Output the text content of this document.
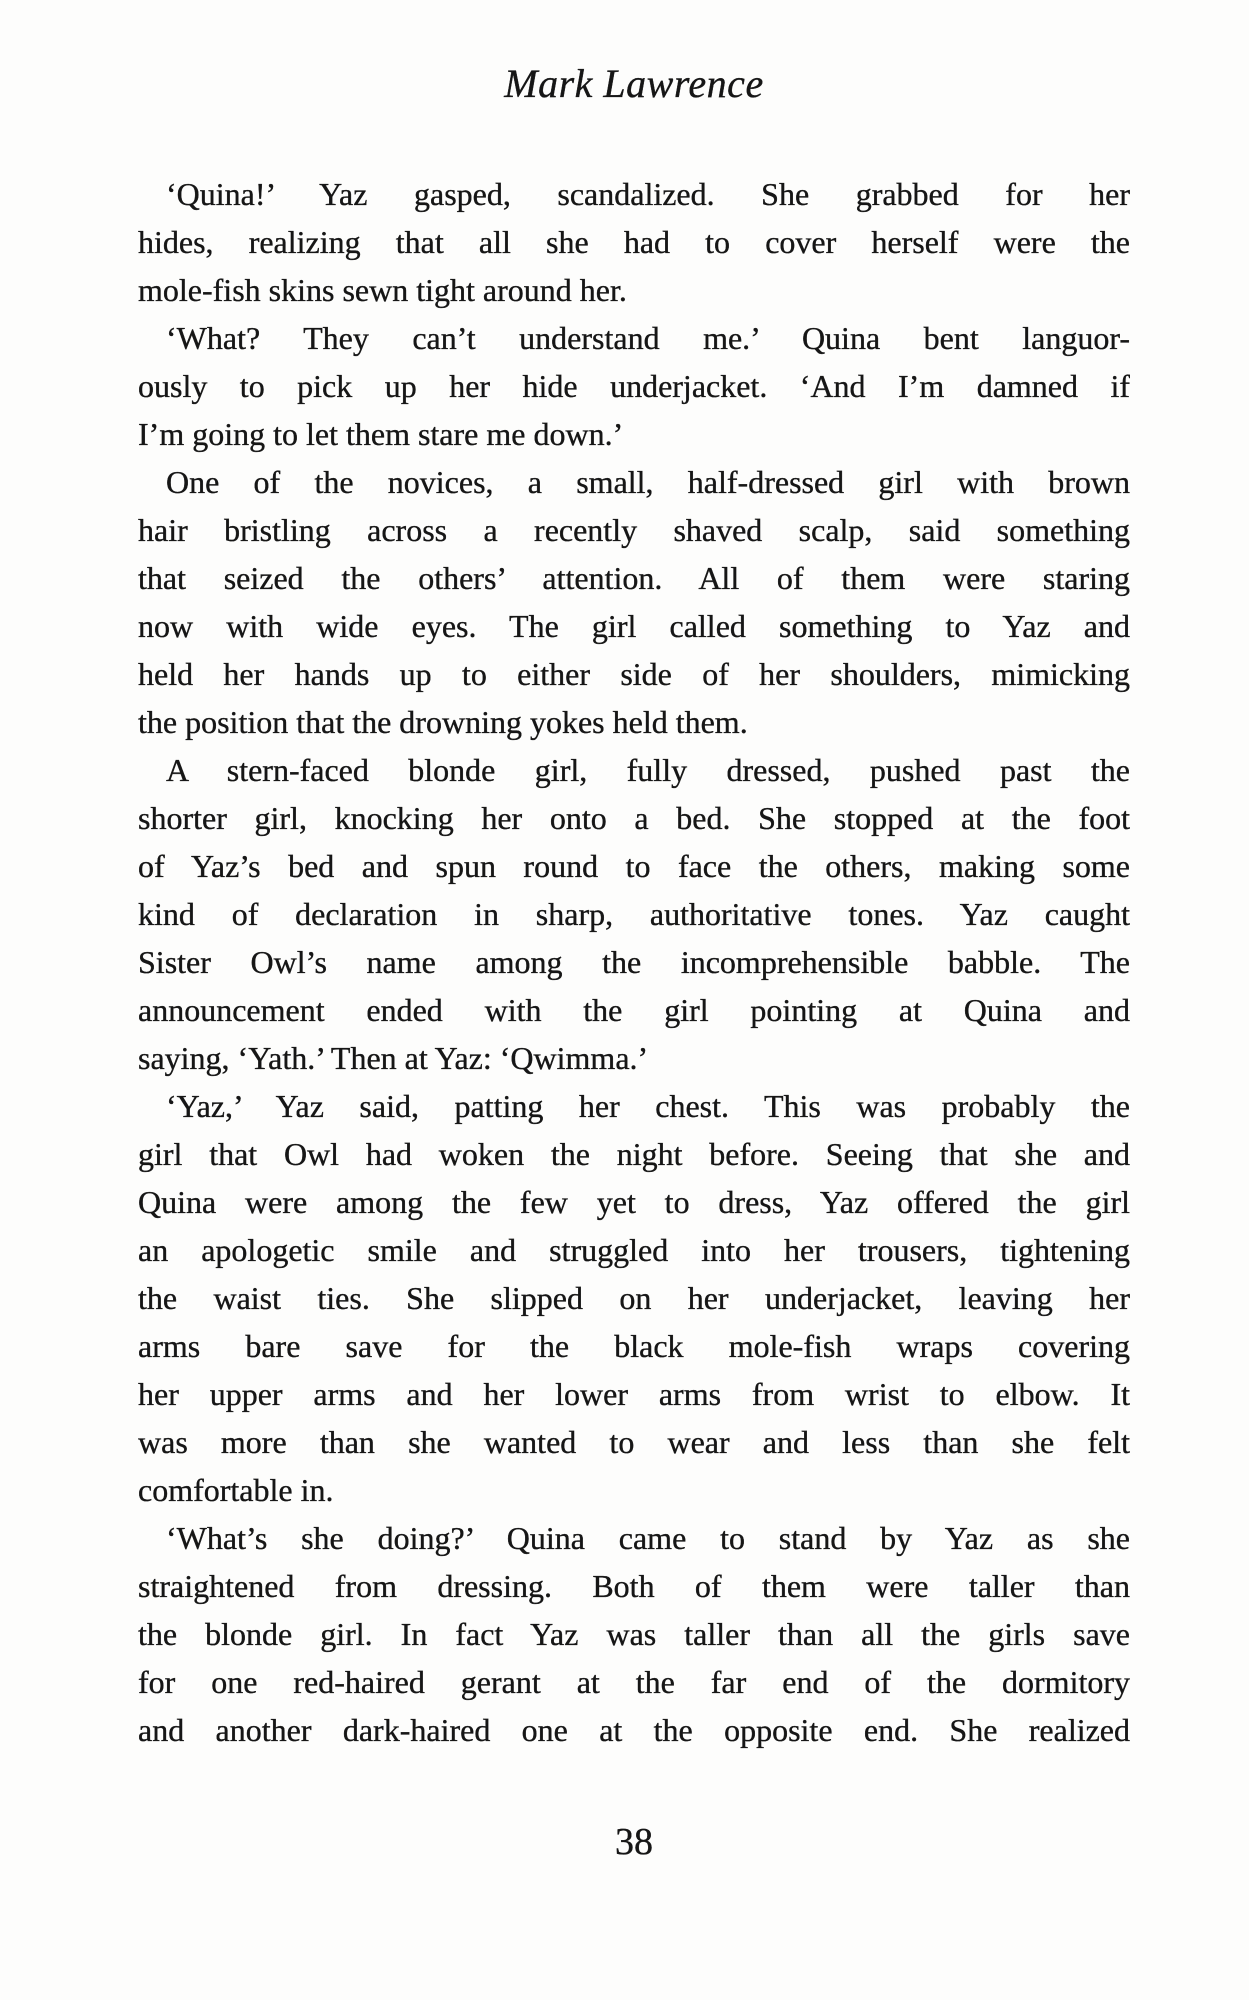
Mark Lawrence
‘Quina!’ Yaz gasped, scandalized. She grabbed for her
hides, realizing that all she had to cover herself were the
mole-fish skins sewn tight around her.
‘What? They can’t understand me.’ Quina bent languor-
ously to pick up her hide underjacket. ‘And I’m damned if
I’m going to let them stare me down.’
One of the novices, a small, half-dressed girl with brown
hair bristling across a recently shaved scalp, said something
that seized the others’ attention. All of them were staring
now with wide eyes. The girl called something to Yaz and
held her hands up to either side of her shoulders, mimicking
the position that the drowning yokes held them.
A stern-faced blonde girl, fully dressed, pushed past the
shorter girl, knocking her onto a bed. She stopped at the foot
of Yaz’s bed and spun round to face the others, making some
kind of declaration in sharp, authoritative tones. Yaz caught
Sister Owl’s name among the incomprehensible babble. The
announcement ended with the girl pointing at Quina and
saying, ‘Yath.’ Then at Yaz: ‘Qwimma.’
‘Yaz,’ Yaz said, patting her chest. This was probably the
girl that Owl had woken the night before. Seeing that she and
Quina were among the few yet to dress, Yaz offered the girl
an apologetic smile and struggled into her trousers, tightening
the waist ties. She slipped on her underjacket, leaving her
arms bare save for the black mole-fish wraps covering
her upper arms and her lower arms from wrist to elbow. It
was more than she wanted to wear and less than she felt
comfortable in.
‘What’s she doing?’ Quina came to stand by Yaz as she
straightened from dressing. Both of them were taller than
the blonde girl. In fact Yaz was taller than all the girls save
for one red-haired gerant at the far end of the dormitory
and another dark-haired one at the opposite end. She realized
38
